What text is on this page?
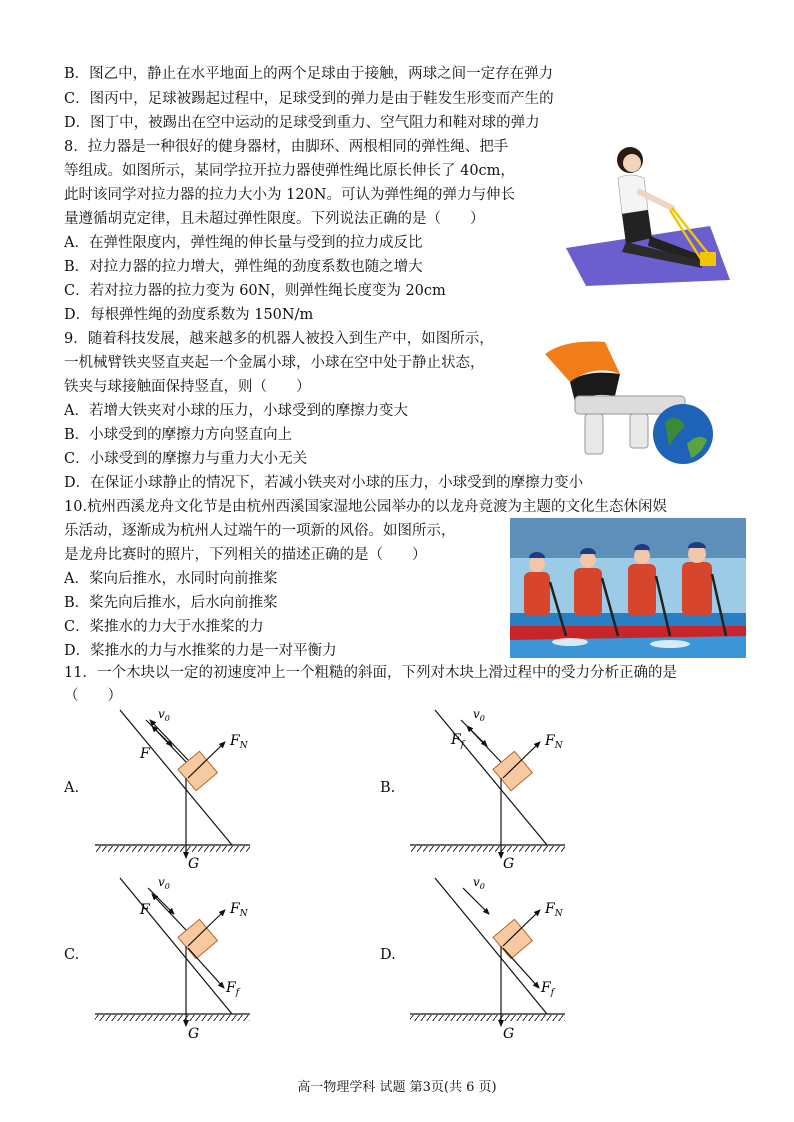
B．图乙中，静止在水平地面上的两个足球由于接触，两球之间一定存在弹力
C．图丙中，足球被踢起过程中，足球受到的弹力是由于鞋发生形变而产生的
D．图丁中，被踢出在空中运动的足球受到重力、空气阻力和鞋对球的弹力
8．拉力器是一种很好的健身器材，由脚环、两根相同的弹性绳、把手
等组成。如图所示，某同学拉开拉力器使弹性绳比原长伸长了 40cm，
此时该同学对拉力器的拉力大小为 120N。可认为弹性绳的弹力与伸长
量遵循胡克定律，且未超过弹性限度。下列说法正确的是（　　）
A．在弹性限度内，弹性绳的伸长量与受到的拉力成反比
B．对拉力器的拉力增大，弹性绳的劲度系数也随之增大
C．若对拉力器的拉力变为 60N，则弹性绳长度变为 20cm
D．每根弹性绳的劲度系数为 150N/m
9．随着科技发展，越来越多的机器人被投入到生产中，如图所示，
一机械臂铁夹竖直夹起一个金属小球，小球在空中处于静止状态，
铁夹与球接触面保持竖直，则（　　）
A．若增大铁夹对小球的压力，小球受到的摩擦力变大
B．小球受到的摩擦力方向竖直向上
C．小球受到的摩擦力与重力大小无关
D．在保证小球静止的情况下，若减小铁夹对小球的压力，小球受到的摩擦力变小
10.杭州西溪龙舟文化节是由杭州西溪国家湿地公园举办的以龙舟竞渡为主题的文化生态休闲娱
乐活动，逐渐成为杭州人过端午的一项新的风俗。如图所示，
是龙舟比赛时的照片，下列相关的描述正确的是（　　）
A．桨向后推水，水同时向前推桨
B．桨先向后推水，后水向前推桨
C．桨推水的力大于水推桨的力
D．桨推水的力与水推桨的力是一对平衡力
11．一个木块以一定的初速度冲上一个粗糙的斜面，下列对木块上滑过程中的受力分析正确的是
（　　）
A.	B.
C.	D.
$v_0$
F
$F_N$
G
$v_0$
$F_f$	$F_N$
G
$v_0$
F	$F_N$
$F_f$
G
$v_0$
$F_N$
$F_f$
G
高一物理学科 试题 第3页(共 6 页)
